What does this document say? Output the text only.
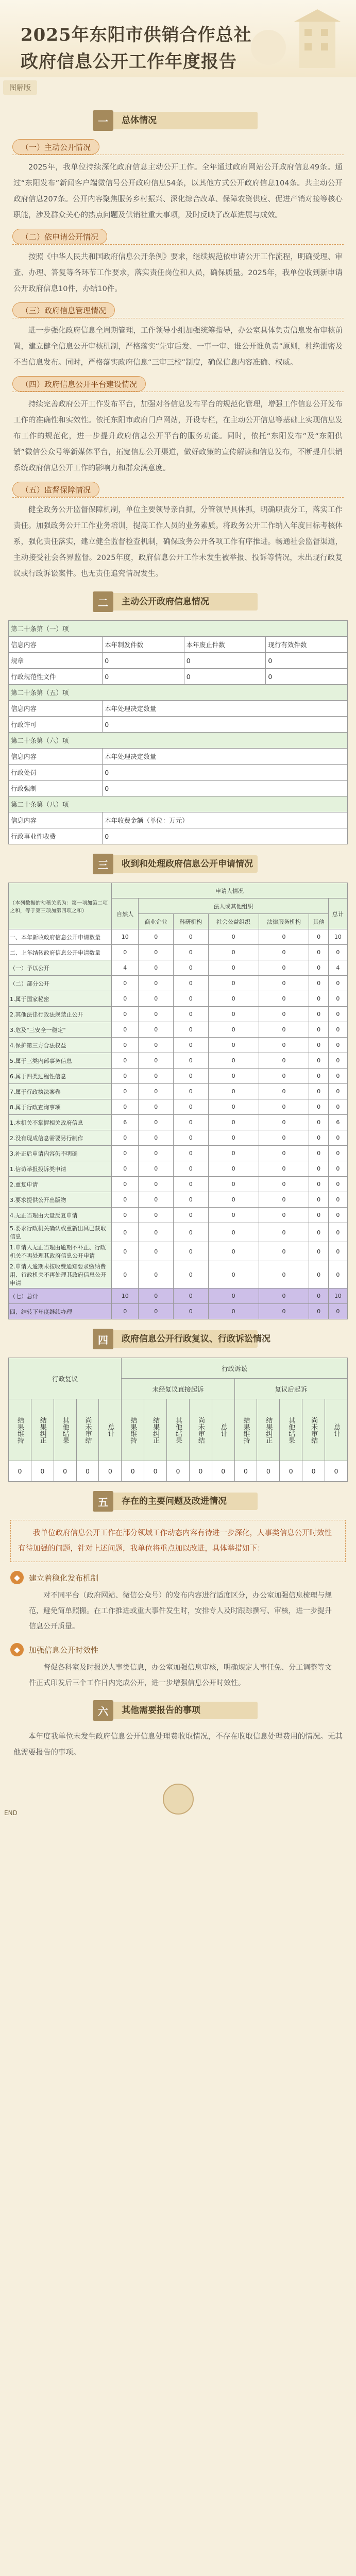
2025年东阳市供销合作总社
政府信息公开工作年度报告
图解版
一	总体情况
（一）主动公开情况

2025年，我单位持续深化政府信息主动公开工作。全年通过政府网站公开政府信息49条。通过“东阳发布”新闻客户端微信号公开政府信息54条，以其他方式公开政府信息104条。共主动公开政府信息207条。公开内容聚焦服务乡村振兴、深化综合改革、保障农资供应、促进产销对接等核心职能，涉及群众关心的热点问题及供销社重大事项，及时反映了改革进展与成效。

（二）依申请公开情况

按照《中华人民共和国政府信息公开条例》要求，继续规范依申请公开工作流程，明确受理、审查、办理、答复等各环节工作要求，落实责任岗位和人员，确保质量。2025年，我单位收到新申请公开政府信息10件，办结10件。

（三）政府信息管理情况

进一步强化政府信息全周期管理，工作领导小组加强统筹指导，办公室具体负责信息发布审核前置，建立健全信息公开审核机制，严格落实“先审后发、一事一审、谁公开谁负责”原则，杜绝泄密及不当信息发布。同时，严格落实政府信息“三审三校”制度，确保信息内容准确、权威。

（四）政府信息公开平台建设情况

持续完善政府公开工作发布平台，加强对各信息发布平台的规范化管理，增强工作信息公开发布工作的准确性和实效性。依托东阳市政府门户网站，开设专栏，在主动公开信息等基础上实现信息发布工作的规范化，进一步提升政府信息公开平台的服务功能。同时，依托“东阳发布”及“东阳供销”微信公众号等新媒体平台，拓宽信息公开渠道，做好政策的宣传解读和信息发布，不断提升供销系统政府信息公开工作的影响力和群众满意度。

（五）监督保障情况

健全政务公开监督保障机制，单位主要领导亲自抓，分管领导具体抓，明确职责分工，落实工作责任。加强政务公开工作业务培训，提高工作人员的业务素质。将政务公开工作纳入年度目标考核体系，强化责任落实，建立健全监督检查机制，确保政务公开各项工作有序推进。畅通社会监督渠道，主动接受社会各界监督。2025年度，政府信息公开工作未发生被举报、投诉等情况，未出现行政复议或行政诉讼案件。也无责任追究情况发生。

二	主动公开政府信息情况
第二十条第（一）项			
信息内容	本年制发件数	本年废止件数	现行有效件数
规章	0	0	0
行政规范性文件	0	0	0
第二十条第（五）项			
信息内容	本年处理决定数量		
行政许可	0		
第二十条第（六）项			
信息内容	本年处理决定数量		
行政处罚	0		
行政强制	0		
第二十条第（八）项			
信息内容	本年收费金额（单位：万元）		
行政事业性收费	0		
三	收到和处理政府信息公开申请情况
（本列数据的勾稽关系为：第一项加第二项之和，等于第三项加第四项之和）	申请人情况						
	自然人	法人或其他组织					总计
		商业企业	科研机构	社会公益组织	法律服务机构	其他	
一、本年新收政府信息公开申请数量	10	0	0	0	0	0	10
二、上年结转政府信息公开申请数量	0	0	0	0	0	0	0
（一）予以公开	4	0	0	0	0	0	4
（二）部分公开	0	0	0	0	0	0	0
1.属于国家秘密	0	0	0	0	0	0	0
2.其他法律行政法规禁止公开	0	0	0	0	0	0	0
3.危及"三安全一稳定"	0	0	0	0	0	0	0
4.保护第三方合法权益	0	0	0	0	0	0	0
5.属于三类内部事务信息	0	0	0	0	0	0	0
6.属于四类过程性信息	0	0	0	0	0	0	0
7.属于行政执法案卷	0	0	0	0	0	0	0
8.属于行政查询事项	0	0	0	0	0	0	0
1.本机关不掌握相关政府信息	6	0	0	0	0	0	6
2.没有现成信息需要另行制作	0	0	0	0	0	0	0
3.补正后申请内容仍不明确	0	0	0	0	0	0	0
1.信访举报投诉类申请	0	0	0	0	0	0	0
2.重复申请	0	0	0	0	0	0	0
3.要求提供公开出版物	0	0	0	0	0	0	0
4.无正当理由大量反复申请	0	0	0	0	0	0	0
5.要求行政机关确认或重新出具已获取信息	0	0	0	0	0	0	0
1.申请人无正当理由逾期不补正、行政机关不再处理其政府信息公开申请	0	0	0	0	0	0	0
2.申请人逾期未按收费通知要求缴纳费用、行政机关不再处理其政府信息公开申请	0	0	0	0	0	0	0
（七）总计	10	0	0	0	0	0	10
四、结转下年度继续办理	0	0	0	0	0	0	0
四	政府信息公开行政复议、行政诉讼情况
行政复议					行政诉讼									
					未经复议直接起诉					复议后起诉				
结果维持	结果纠正	其他结果	尚未审结	总计	结果维持	结果纠正	其他结果	尚未审结	总计	结果维持	结果纠正	其他结果	尚未审结	总计
0	0	0	0	0	0	0	0	0	0	0	0	0	0	0
五	存在的主要问题及改进情况
我单位政府信息公开工作在部分领域工作动态内容有待进一步深化，人事类信息公开时效性有待加强的问题，针对上述问题，我单位将重点加以改进，具体举措如下：
◆	建立着稳化发布机制

对不同平台（政府网站、微信公众号）的发布内容进行适度区分，办公室加强信息梳理与规范，避免简单照搬。在工作推进或重大事件发生时，安排专人及时跟踪撰写、审核，进一步提升信息公开质量。

◆	加强信息公开时效性

督促各科室及时报送人事类信息，办公室加强信息审核，明确规定人事任免、分工调整等文件正式印发后三个工作日内完成公开，进一步增强信息公开时效性。

六	其他需要报告的事项

本年度我单位未发生政府信息公开信息处理费收取情况，不存在收取信息处理费用的情况。无其他需要报告的事项。

END
